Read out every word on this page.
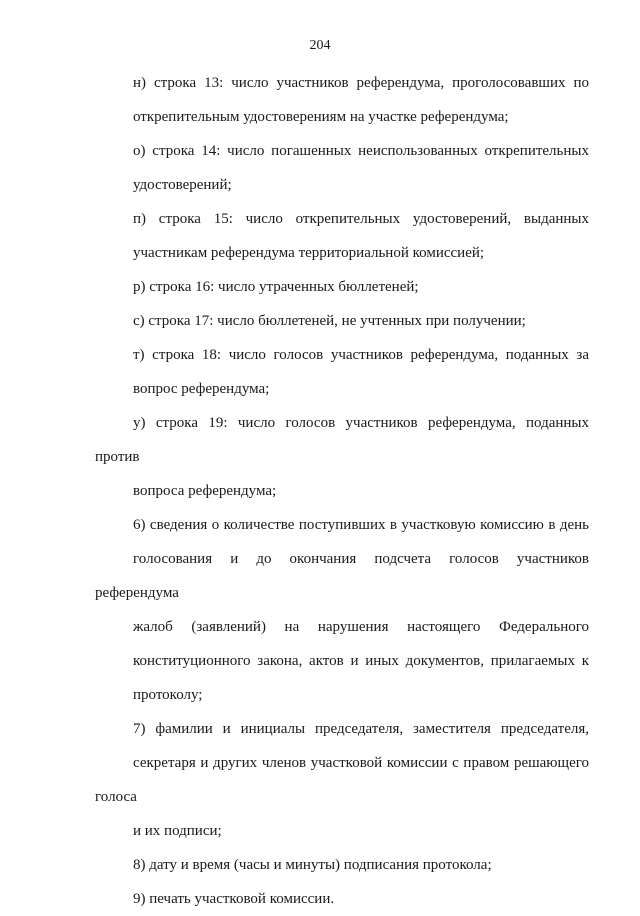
204
н) строка 13: число участников референдума, проголосовавших по
открепительным удостоверениям на участке референдума;
о) строка 14: число погашенных неиспользованных открепительных
удостоверений;
п) строка 15: число открепительных удостоверений, выданных
участникам референдума территориальной комиссией;
р) строка 16: число утраченных бюллетеней;
с) строка 17: число бюллетеней, не учтенных при получении;
т) строка 18: число голосов участников референдума, поданных за
вопрос референдума;
у) строка 19: число голосов участников референдума, поданных против
вопроса референдума;
6) сведения о количестве поступивших в участковую комиссию в день
голосования и до окончания подсчета голосов участников референдума
жалоб (заявлений) на нарушения настоящего Федерального
конституционного закона, актов и иных документов, прилагаемых к
протоколу;
7) фамилии и инициалы председателя, заместителя председателя,
секретаря и других членов участковой комиссии с правом решающего голоса
и их подписи;
8) дату и время (часы и минуты) подписания протокола;
9) печать участковой комиссии.
